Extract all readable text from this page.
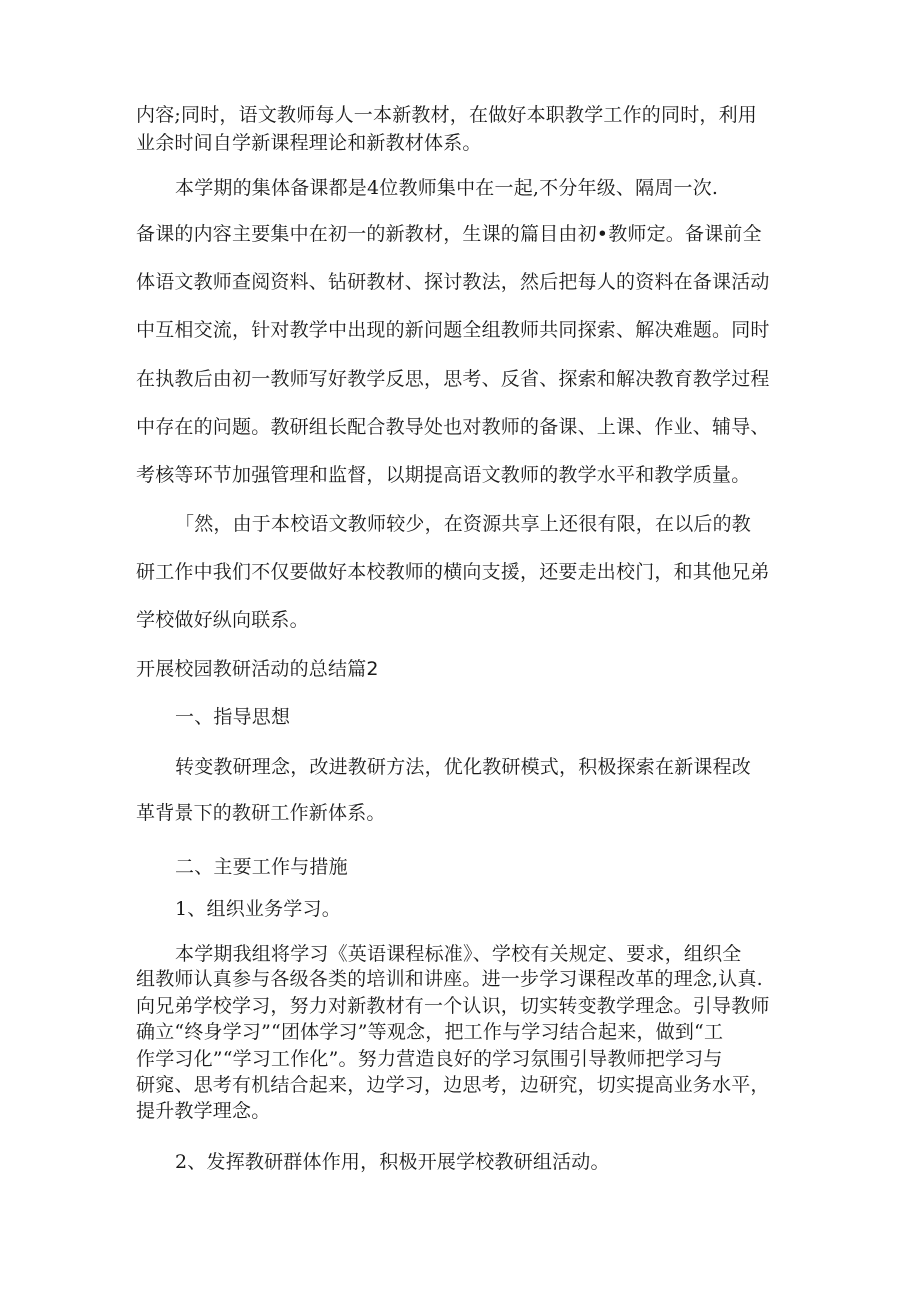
内容;同时，语文教师每人一本新教材，在做好本职教学工作的同时，利用

业余时间自学新课程理论和新教材体系。

本学期的集体备课都是4位教师集中在一起,不分年级、隔周一次.

备课的内容主要集中在初一的新教材，生课的篇目由初•教师定。备课前全

体语文教师查阅资料、钻研教材、探讨教法，然后把每人的资料在备课活动

中互相交流，针对教学中出现的新问题全组教师共同探索、解决难题。同时

在执教后由初一教师写好教学反思，思考、反省、探索和解决教育教学过程

中存在的问题。教研组长配合教导处也对教师的备课、上课、作业、辅导、

考核等环节加强管理和监督，以期提高语文教师的教学水平和教学质量。

「然，由于本校语文教师较少，在资源共享上还很有限，在以后的教

研工作中我们不仅要做好本校教师的横向支援，还要走出校门，和其他兄弟

学校做好纵向联系。

开展校园教研活动的总结篇2

一、指导思想

转变教研理念，改进教研方法，优化教研模式，积极探索在新课程改

革背景下的教研工作新体系。

二、主要工作与措施

1、组织业务学习。

本学期我组将学习《英语课程标准》、学校有关规定、要求，组织全

组教师认真参与各级各类的培训和讲座。进一步学习课程改革的理念,认真.

向兄弟学校学习，努力对新教材有一个认识，切实转变教学理念。引导教师

确立“终身学习”“团体学习”等观念，把工作与学习结合起来，做到“工

作学习化”“学习工作化”。努力营造良好的学习氛围引导教师把学习与

研窕、思考有机结合起来，边学习，边思考，边研究，切实提高业务水平，

提升教学理念。

2、发挥教研群体作用，积极开展学校教研组活动。
